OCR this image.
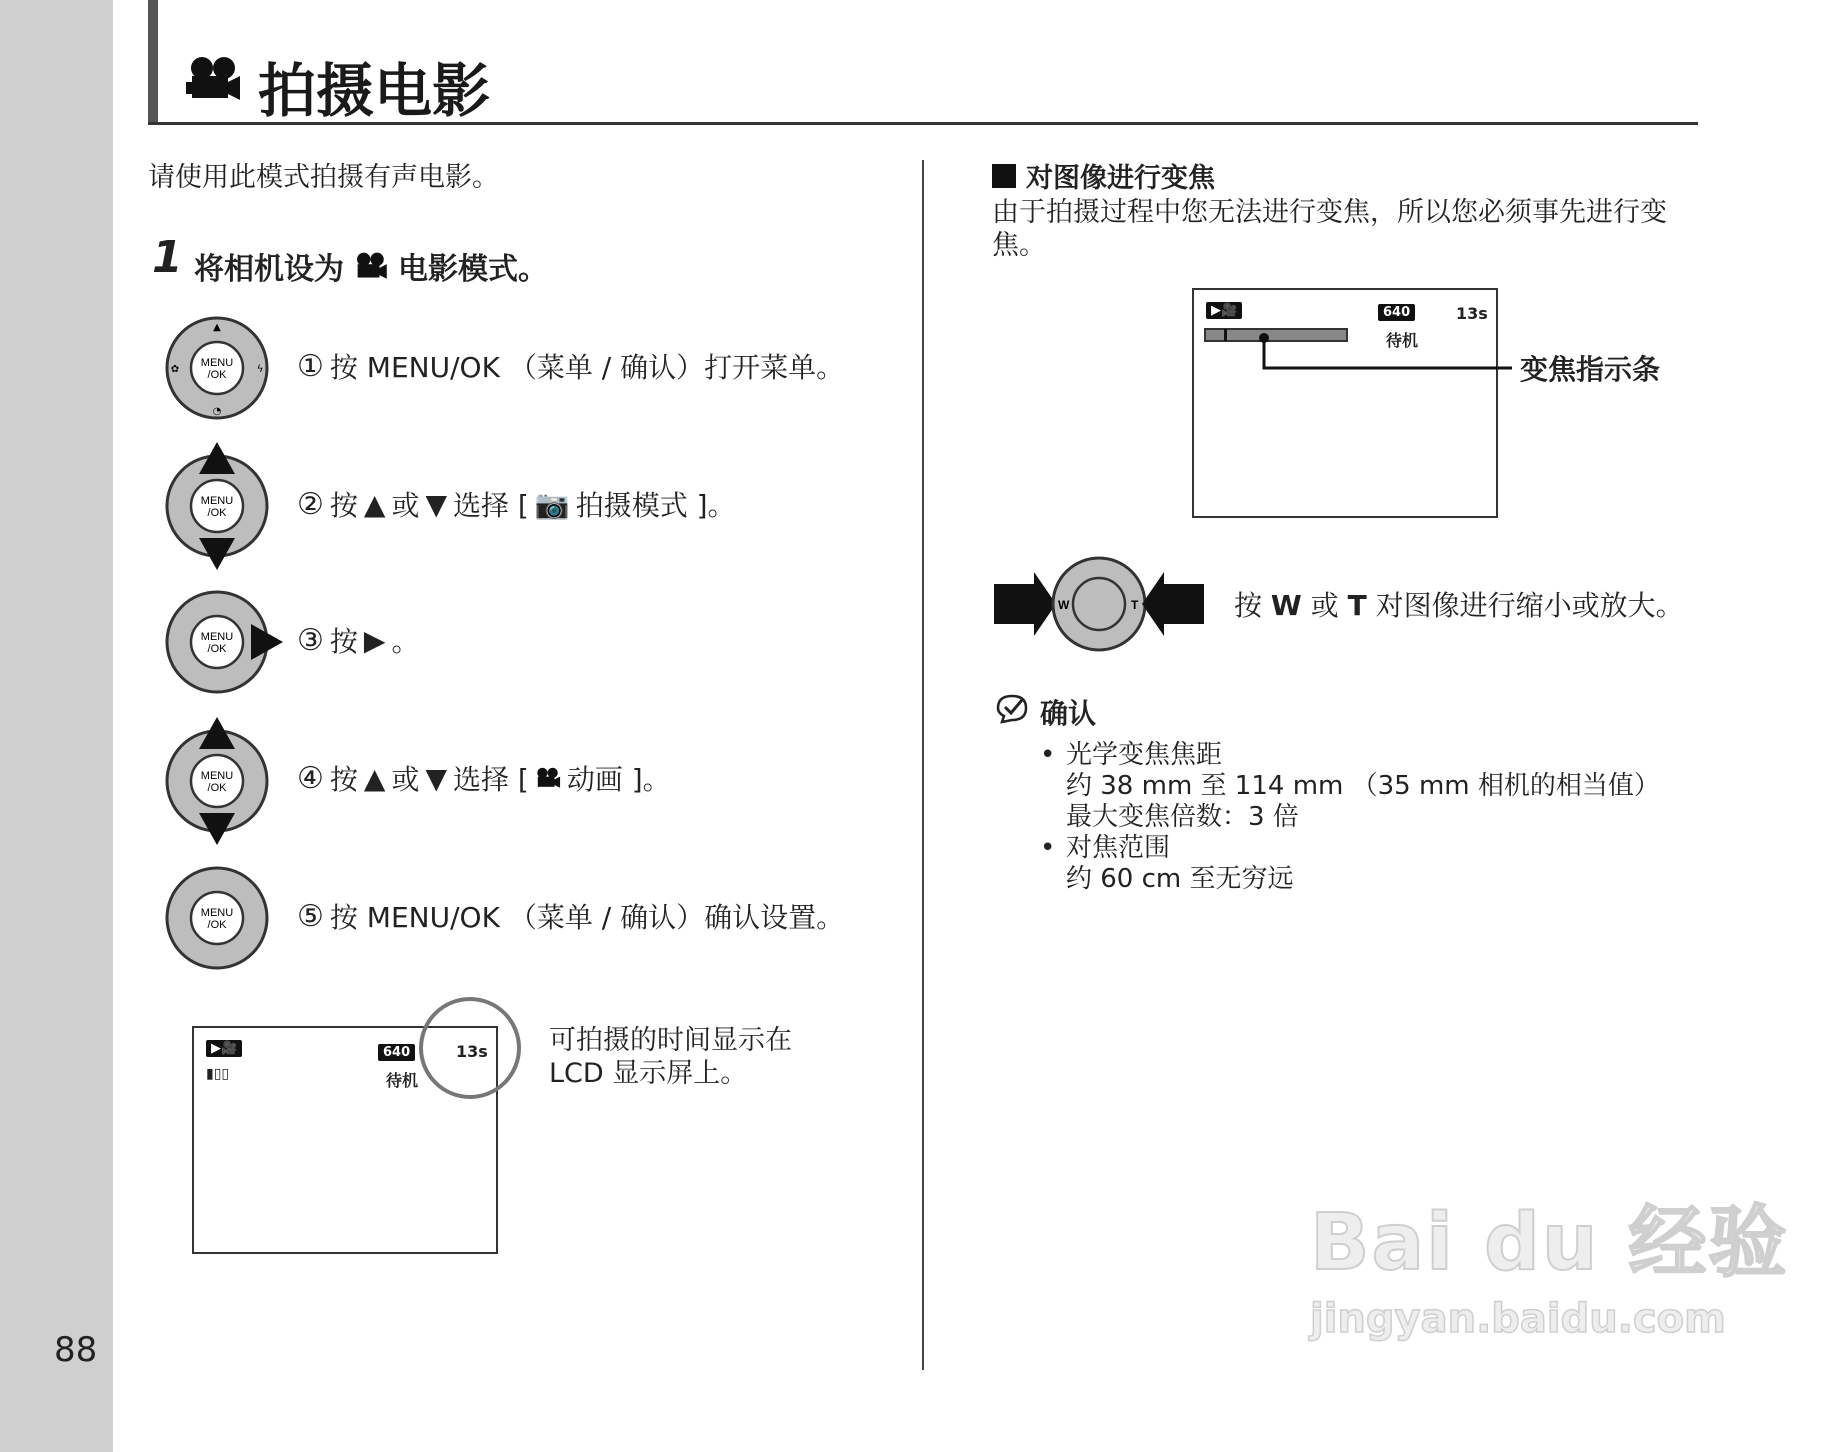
88
拍摄电影
请使用此模式拍摄有声电影。
1 将相机设为 电影模式。
MENU
/OK
▲
◔
✿	ϟ ① 按 MENU/OK （菜单 / 确认）打开菜单。
MENU
/OK ② 按 ▲ 或 ▼ 选择 [ 📷 拍摄模式 ]。
MENU
/OK ③ 按 ▶ 。
MENU
/OK ④ 按 ▲ 或 ▼ 选择 [ 动画 ]。
MENU
/OK ⑤ 按 MENU/OK （菜单 / 确认）确认设置。
▶🎥
▮▯▯
640	13s
待机
可拍摄的时间显示在
LCD 显示屏上。
对图像进行变焦
由于拍摄过程中您无法进行变焦，所以您必须事先进行变焦。
▶🎥	640	13s
待机
变焦指示条
W	T	按 W 或 T 对图像进行缩小或放大。
确认
• 光学变焦焦距
约 38 mm 至 114 mm （35 mm 相机的相当值）
最大变焦倍数：3 倍
• 对焦范围
约 60 cm 至无穷远
Bai du 经验
jingyan.baidu.com
